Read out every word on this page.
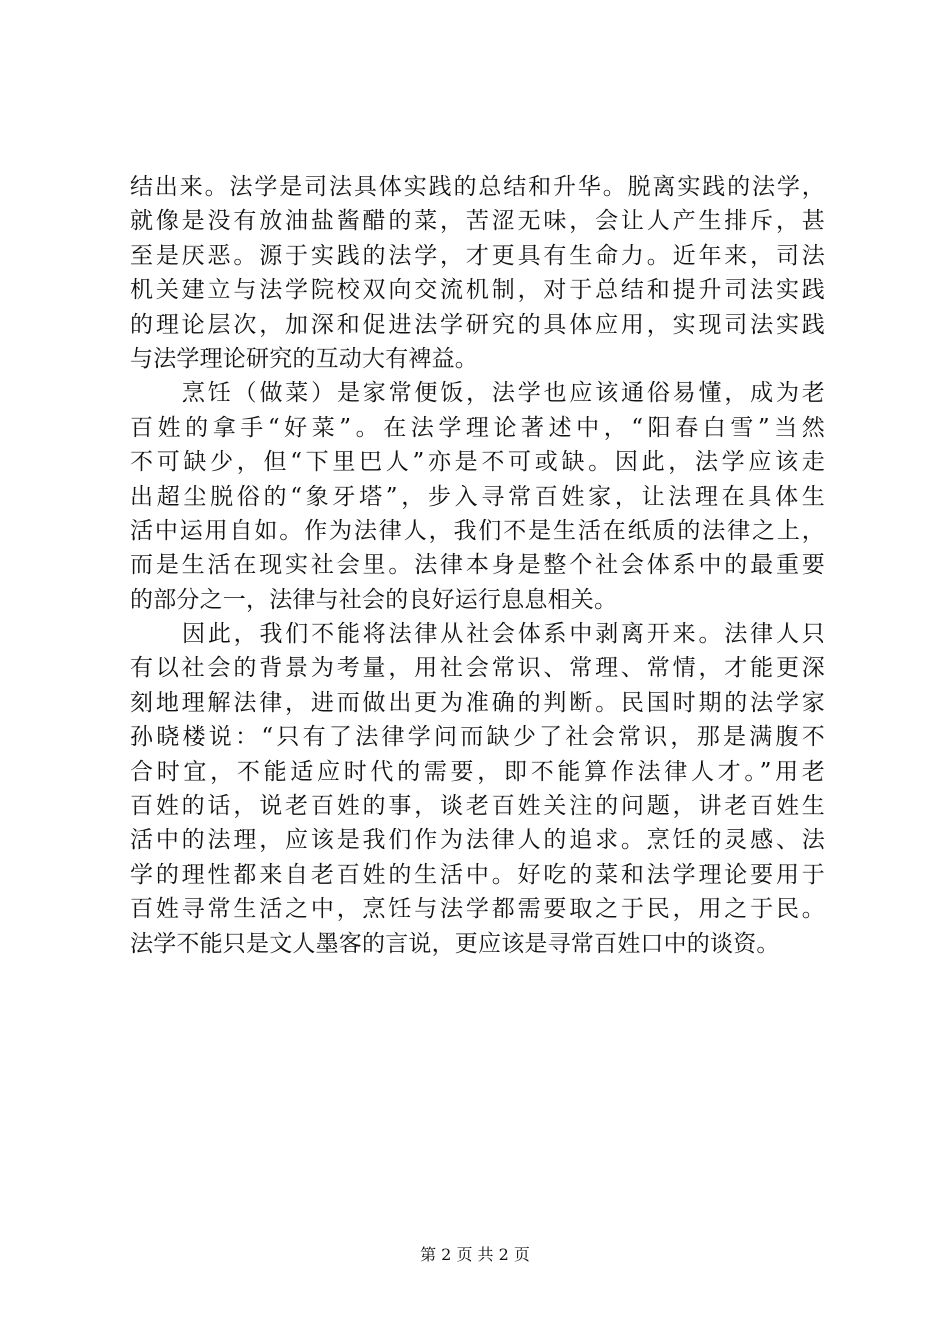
结出来。法学是司法具体实践的总结和升华。脱离实践的法学，
就像是没有放油盐酱醋的菜，苦涩无味，会让人产生排斥，甚
至是厌恶。源于实践的法学，才更具有生命力。近年来，司法
机关建立与法学院校双向交流机制，对于总结和提升司法实践
的理论层次，加深和促进法学研究的具体应用，实现司法实践
与法学理论研究的互动大有裨益。
烹饪（做菜）是家常便饭，法学也应该通俗易懂，成为老
百姓的拿手“好菜”。在法学理论著述中，“阳春白雪”当然
不可缺少，但“下里巴人”亦是不可或缺。因此，法学应该走
出超尘脱俗的“象牙塔”，步入寻常百姓家，让法理在具体生
活中运用自如。作为法律人，我们不是生活在纸质的法律之上，
而是生活在现实社会里。法律本身是整个社会体系中的最重要
的部分之一，法律与社会的良好运行息息相关。
因此，我们不能将法律从社会体系中剥离开来。法律人只
有以社会的背景为考量，用社会常识、常理、常情，才能更深
刻地理解法律，进而做出更为准确的判断。民国时期的法学家
孙晓楼说：“只有了法律学问而缺少了社会常识，那是满腹不
合时宜，不能适应时代的需要，即不能算作法律人才。”用老
百姓的话，说老百姓的事，谈老百姓关注的问题，讲老百姓生
活中的法理，应该是我们作为法律人的追求。烹饪的灵感、法
学的理性都来自老百姓的生活中。好吃的菜和法学理论要用于
百姓寻常生活之中，烹饪与法学都需要取之于民，用之于民。
法学不能只是文人墨客的言说，更应该是寻常百姓口中的谈资。
第 2 页 共 2 页
